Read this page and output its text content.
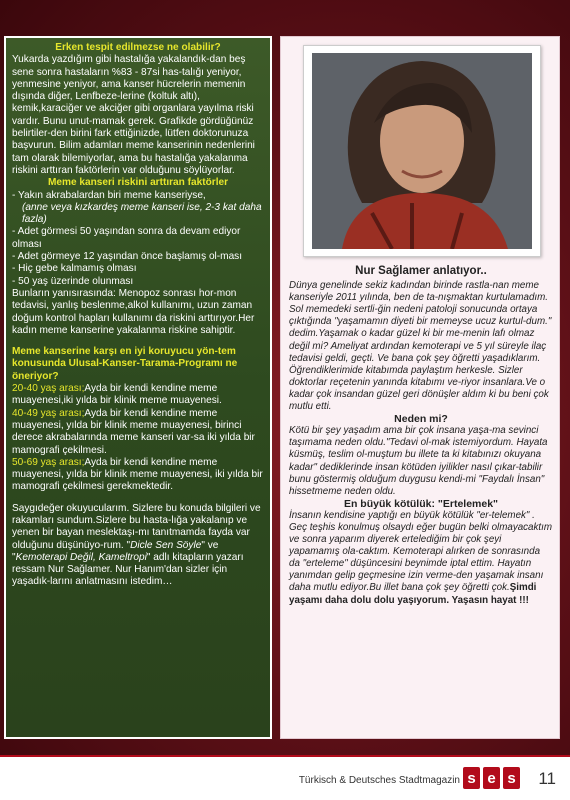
Erken tespit edilmezse ne olabilir?
Yukarda yazdığım gibi hastalığa yakalandık-dan beş sene sonra hastaların %83 - 87si has-talığı yeniyor, yenmesine yeniyor, ama kanser hücrelerin memenin dışında diğer, Lenfbeze-lerine (koltuk altı), kemik,karaciğer ve akciğer gibi organlara yayılma riski vardır. Bunu unut-mamak gerek. Grafikde gördüğünüz belirtiler-den birini fark ettiğinizde, lütfen doktorunuza başvurun. Bilim adamları meme kanserinin nedenlerini tam olarak bilemiyorlar, ama bu hastalığa yakalanma riskini arttıran faktörlerin var olduğunu söylüyorlar.
Meme kanseri riskini arttıran faktörler
- Yakın akrabalardan biri meme kanseriyse,
(anne veya kızkardeş meme kanseri ise, 2-3 kat daha fazla)
- Adet görmesi 50 yaşından sonra da devam ediyor olması
- Adet görmeye 12 yaşından önce başlamış ol-ması
- Hiç gebe kalmamış olması
- 50 yaş üzerinde olunması
Bunların yanısırasında: Menopoz sonrası hor-mon tedavisi, yanlış beslenme,alkol kullanımı, uzun zaman doğum kontrol hapları kullanımı da riskini arttırıyor.Her kadın meme kanserine yakalanma riskine sahiptir.
Meme kanserine karşı en iyi koruyucu yön-tem konusunda Ulusal-Kanser-Tarama-Programı ne öneriyor?
20-40 yaş arası;Ayda bir kendi kendine meme muayenesi,iki yılda bir klinik meme muayenesi.
40-49 yaş arası;Ayda bir kendi kendine meme muayenesi, yılda bir klinik meme muayenesi, birinci derece akrabalarında meme kanseri var-sa iki yılda bir mamografi çekilmesi.
50-69 yaş arası;Ayda bir kendi kendine meme muayenesi, yılda bir klinik meme muayenesi, iki yılda bir mamografi çekilmesi gerekmektedir.
Saygıdeğer okuyucularım. Sizlere bu konuda bilgileri ve rakamları sundum.Sizlere bu hasta-lığa yakalanıp ve yenen bir bayan meslektaşı-mı tanıtmamda fayda var olduğunu düşünüyo-rum. "Dicle Sen Söyle" ve "Kemoterapi Değil, Kameltropi" adlı kitapların yazarı ressam Nur Sağlamer. Nur Hanım'dan sizler için yaşadık-larını anlatmasını istedim…
Nur Sağlamer anlatıyor..
Dünya genelinde sekiz kadından birinde rastla-nan meme kanseriyle 2011 yılında, ben de ta-nışmaktan kurtulamadım. Sol memedeki sertli-ğin nedeni patoloji sonucunda ortaya çıktığında "yaşamamın diyeti bir memeyse ucuz kurtul-dum." dedim.Yaşamak o kadar güzel ki bir me-menin lafı olmaz değil mi? Ameliyat ardından kemoterapi ve 5 yıl süreyle ilaç tedavisi geldi, geçti. Ve bana çok şey öğretti yaşadıklarım. Öğrendiklerimide kitabımda paylaştım herkesle. Sizler doktorlar reçetenin yanında kitabımı ve-riyor insanlara.Ve o kadar çok insandan güzel geri dönüşler aldım ki bu beni çok mutlu etti.
Neden mi?
Kötü bir şey yaşadım ama bir çok insana yaşa-ma sevinci taşımama neden oldu."Tedavi ol-mak istemiyordum. Hayata küsmüş, teslim ol-muştum bu illete ta ki kitabınızı okuyana kadar" dediklerinde insan kötüden iyilikler nasıl çıkar-tabilir bunu göstermiş olduğum duygusu kendi-mi "Faydalı İnsan" hissetmeme neden oldu.
En büyük kötülük: "Ertelemek"
İnsanın kendisine yaptığı en büyük kötülük "er-telemek" . Geç teşhis konulmuş olsaydı eğer bugün belki olmayacaktım ve sonra yaparım diyerek ertelediğim bir çok şeyi yapamamış ola-caktım. Kemoterapi alırken de sonrasında da "erteleme" düşüncesini beynimde iptal ettim. Hayatın yanımdan gelip geçmesine izin verme-den yaşamak insanı daha mutlu ediyor.Bu illet bana çok şey öğretti çok.Şimdi yaşamı daha dolu dolu yaşıyorum. Yaşasın hayat !!!
Türkisch & Deutsches Stadtmagazin s e s 11
